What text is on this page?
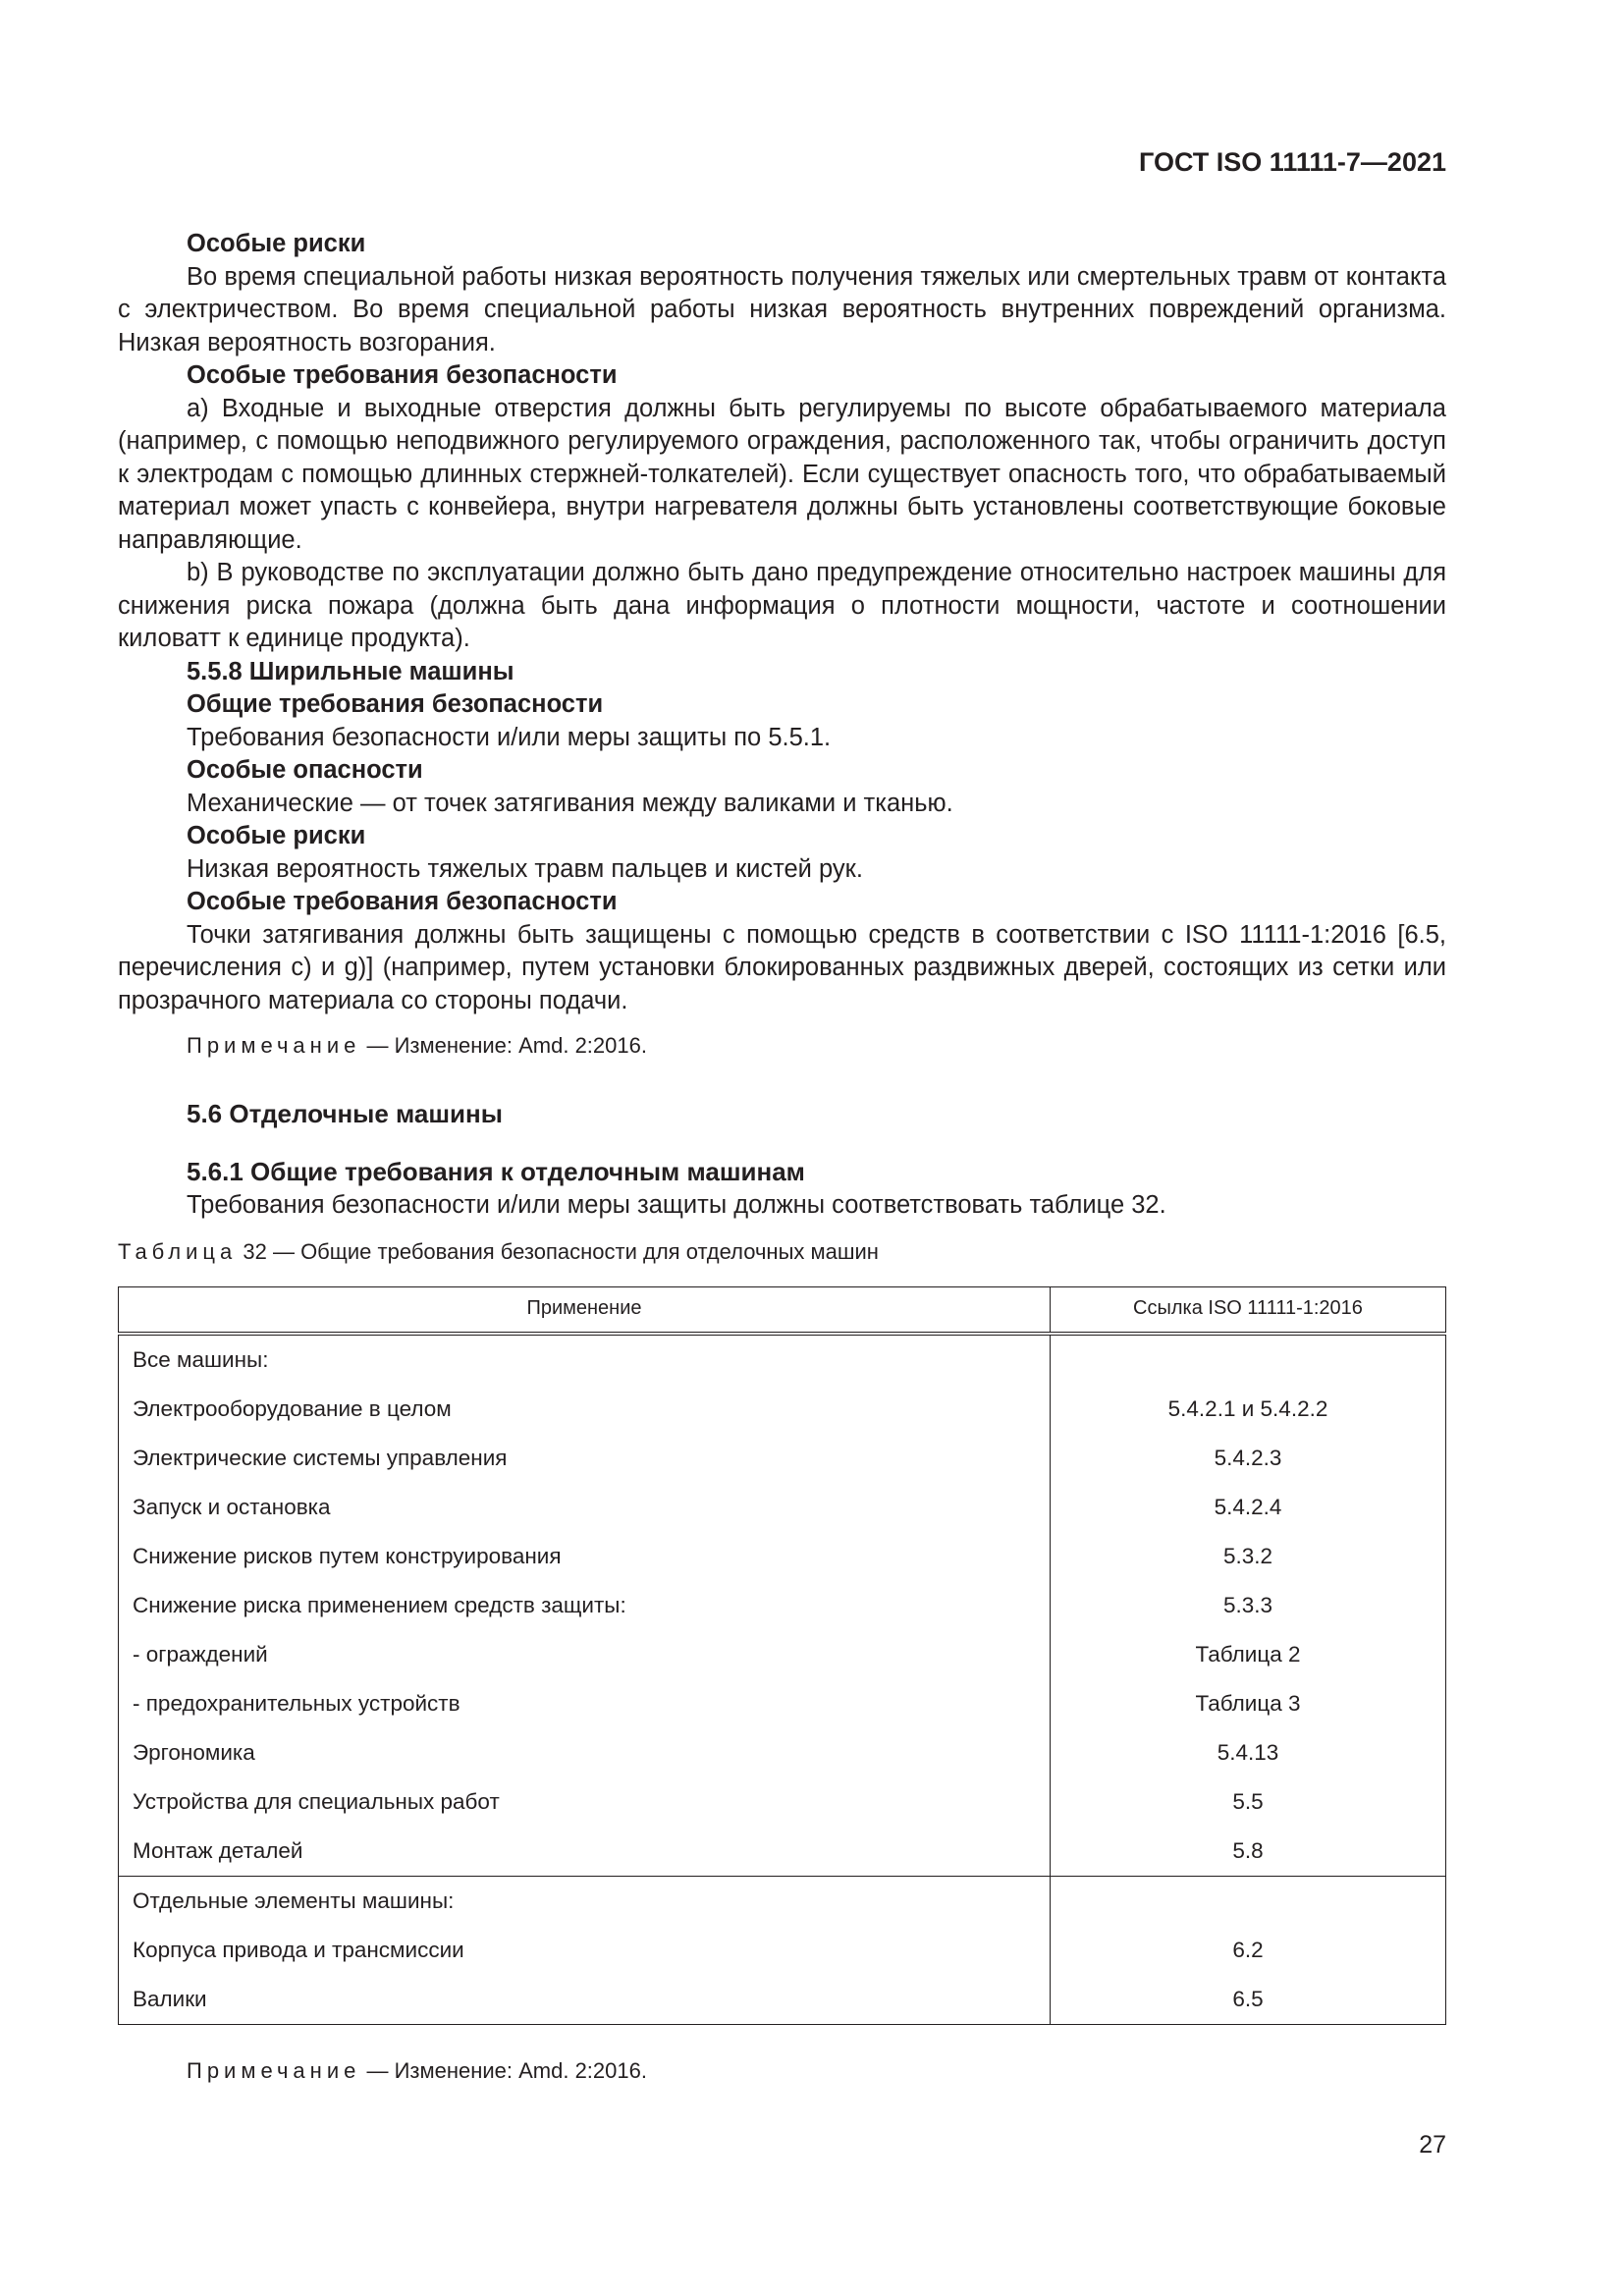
ГОСТ ISO 11111-7—2021
Особые риски

Во время специальной работы низкая вероятность получения тяжелых или смертельных травм от контакта с электричеством. Во время специальной работы низкая вероятность внутренних повреждений организма. Низкая вероятность возгорания.

Особые требования безопасности

а) Входные и выходные отверстия должны быть регулируемы по высоте обрабатываемого материала (например, с помощью неподвижного регулируемого ограждения, расположенного так, чтобы ограничить доступ к электродам с помощью длинных стержней-толкателей). Если существует опасность того, что обрабатываемый материал может упасть с конвейера, внутри нагревателя должны быть установлены соответствующие боковые направляющие.

b) В руководстве по эксплуатации должно быть дано предупреждение относительно настроек машины для снижения риска пожара (должна быть дана информация о плотности мощности, частоте и соотношении киловатт к единице продукта).

5.5.8 Ширильные машины
Общие требования безопасности

Требования безопасности и/или меры защиты по 5.5.1.

Особые опасности

Механические — от точек затягивания между валиками и тканью.

Особые риски

Низкая вероятность тяжелых травм пальцев и кистей рук.

Особые требования безопасности

Точки затягивания должны быть защищены с помощью средств в соответствии с ISO 11111-1:2016 [6.5, перечисления с) и g)] (например, путем установки блокированных раздвижных дверей, состоящих из сетки или прозрачного материала со стороны подачи.

Примечание — Изменение: Amd. 2:2016.
5.6 Отделочные машины
5.6.1 Общие требования к отделочным машинам

Требования безопасности и/или меры защиты должны соответствовать таблице 32.

Таблица 32 — Общие требования безопасности для отделочных машин
Применение	Ссылка ISO 11111-1:2016
Все машины:	
Электрооборудование в целом	5.4.2.1 и 5.4.2.2
Электрические системы управления	5.4.2.3
Запуск и остановка	5.4.2.4
Снижение рисков путем конструирования	5.3.2
Снижение риска применением средств защиты:	5.3.3
- ограждений	Таблица 2
- предохранительных устройств	Таблица 3
Эргономика	5.4.13
Устройства для специальных работ	5.5
Монтаж деталей	5.8
Отдельные элементы машины:	
Корпуса привода и трансмиссии	6.2
Валики	6.5
Примечание — Изменение: Amd. 2:2016.
27
